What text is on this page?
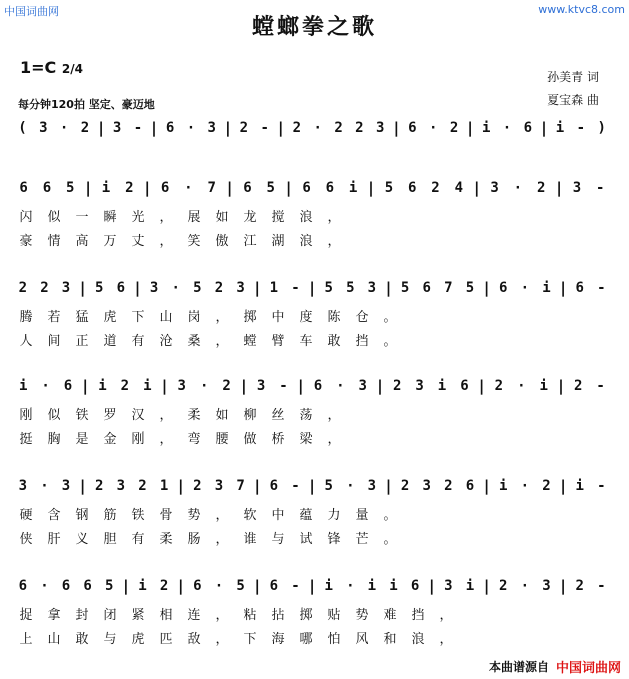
中国词曲网	www.ktvc8.com
螳螂拳之歌
1=C 2/4
每分钟120拍 坚定、豪迈地
孙美青 词
夏宝森 曲
( 3 · 2 | 3 - | 6 · 3 | 2 - | 2 · 2 2 3 | 6 · 2 | i · 6 | i - )
6	6	5 | i	2 | 6	·	7 | 6	5 | 6	6	i | 5	6	2	4 | 3	·	2 | 3	-
闪	似	一	瞬	光	，	展	如	龙	搅	浪	，
豪	情	高	万	丈	，	笑	傲	江	湖	浪	，
2 2 3 | 5 6 | 3 · 5 2 3 | 1 - | 5 5 3 | 5 6 7 5 | 6 · i | 6 -
腾	若	猛	虎	下	山	岗	，	掷	中	度	陈	仓	。
人	间	正	道	有	沧	桑	，	螳	臂	车	敢	挡	。
i · 6 | i 2 i | 3 · 2 | 3 - | 6 · 3 | 2 3 i 6 | 2 · i | 2 -
刚	似	铁	罗	汉	，	柔	如	柳	丝	荡	，
挺	胸	是	金	刚	，	弯	腰	做	桥	梁	，
3 · 3 | 2 3 2 1 | 2 3 7 | 6 - | 5 · 3 | 2 3 2 6 | i · 2 | i -
硬	含	钢	筋	铁	骨	势	，	软	中	蕴	力	量	。
侠	肝	义	胆	有	柔	肠	，	谁	与	试	锋	芒	。
6 · 6 6 5 | i 2 | 6 · 5 | 6 - | i · i i 6 | 3 i | 2 · 3 | 2 -
捉	拿	封	闭	紧	相	连	，	粘	拈	掷	贴	势	难	挡	，
上	山	敢	与	虎	匹	敌	，	下	海	哪	怕	风	和	浪	，
本曲谱源自 中国词曲网
